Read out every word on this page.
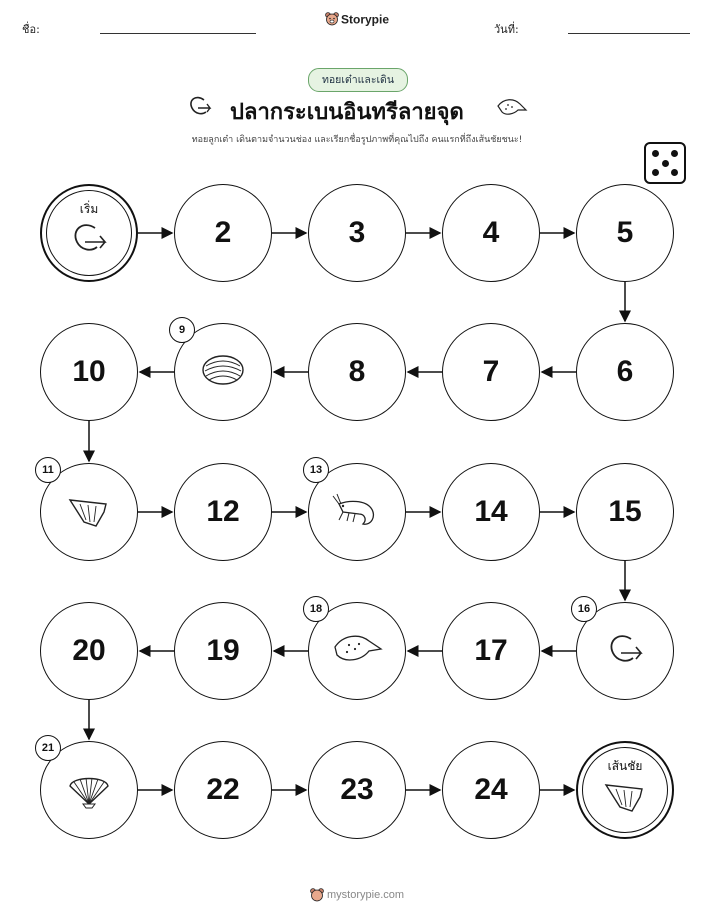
ชื่อ:
Storypie
วันที่:
ทอยเต๋าและเดิน
ปลากระเบนอินทรีลายจุด
ทอยลูกเต๋า เดินตามจำนวนช่อง และเรียกชื่อรูปภาพที่คุณไปถึง คนแรกที่ถึงเส้นชัยชนะ!
เริ่ม
2	3	4	5
6
7
8
9
10
11
12
13
14	15
16
17
18
19
20
21
22	23	24
เส้นชัย
mystorypie.com
